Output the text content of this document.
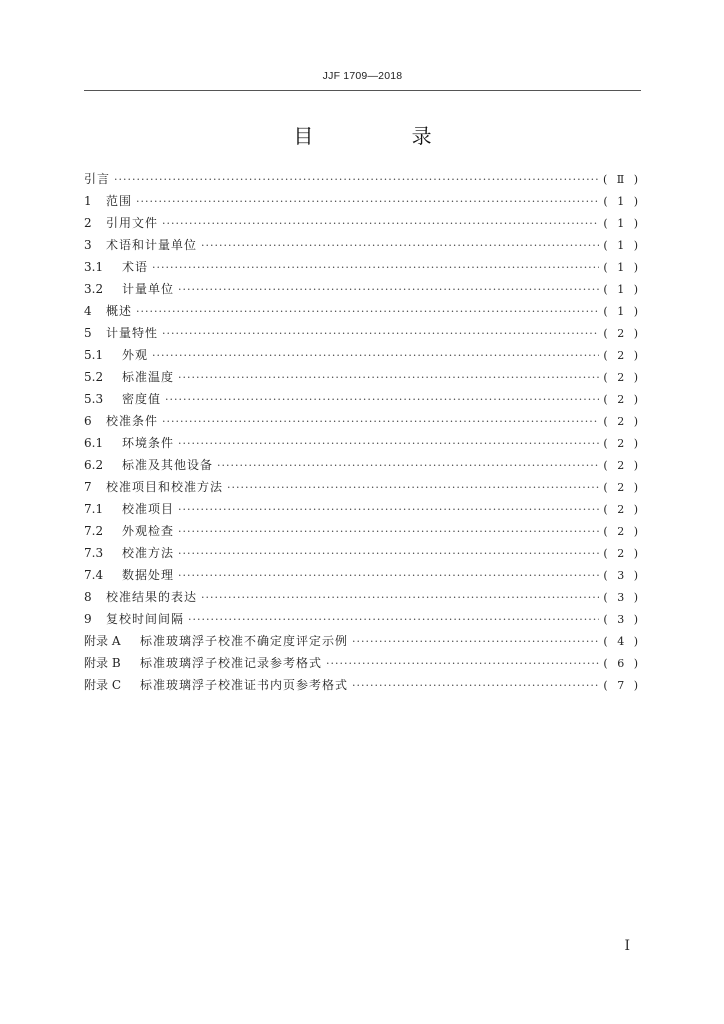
JJF 1709—2018
目 录
引言 ·····	( Ⅱ )
1	范围 ·····	( 1 )
2	引用文件 ·····	( 1 )
3	术语和计量单位 ·····	( 1 )
3.1	术语 ·····	( 1 )
3.2	计量单位 ·····	( 1 )
4	概述 ·····	( 1 )
5	计量特性 ·····	( 2 )
5.1	外观 ·····	( 2 )
5.2	标准温度 ·····	( 2 )
5.3	密度值 ·····	( 2 )
6	校准条件 ·····	( 2 )
6.1	环境条件 ·····	( 2 )
6.2	标准及其他设备 ·····	( 2 )
7	校准项目和校准方法 ·····	( 2 )
7.1	校准项目 ·····	( 2 )
7.2	外观检查 ·····	( 2 )
7.3	校准方法 ·····	( 2 )
7.4	数据处理 ·····	( 3 )
8	校准结果的表达 ·····	( 3 )
9	复校时间间隔 ·····	( 3 )
附录 A	标准玻璃浮子校准不确定度评定示例 ·····	( 4 )
附录 B	标准玻璃浮子校准记录参考格式 ·····	( 6 )
附录 C	标准玻璃浮子校准证书内页参考格式 ·····	( 7 )
I
